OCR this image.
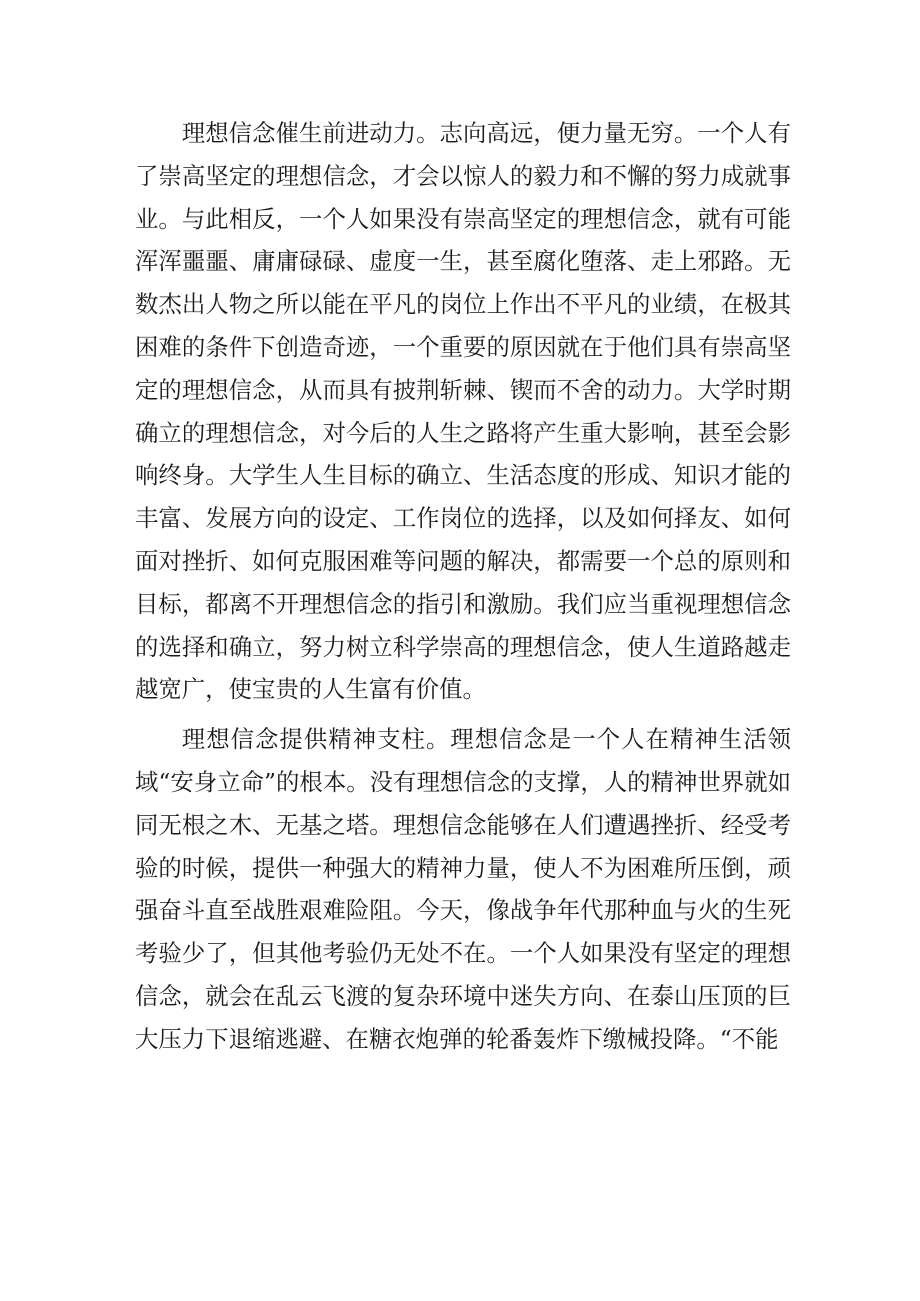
理想信念催生前进动力。志向高远，便力量无穷。一个人有了崇高坚定的理想信念，才会以惊人的毅力和不懈的努力成就事业。与此相反，一个人如果没有崇高坚定的理想信念，就有可能浑浑噩噩、庸庸碌碌、虚度一生，甚至腐化堕落、走上邪路。无数杰出人物之所以能在平凡的岗位上作出不平凡的业绩，在极其困难的条件下创造奇迹，一个重要的原因就在于他们具有崇高坚定的理想信念，从而具有披荆斩棘、锲而不舍的动力。大学时期确立的理想信念，对今后的人生之路将产生重大影响，甚至会影响终身。大学生人生目标的确立、生活态度的形成、知识才能的丰富、发展方向的设定、工作岗位的选择，以及如何择友、如何面对挫折、如何克服困难等问题的解决，都需要一个总的原则和目标，都离不开理想信念的指引和激励。我们应当重视理想信念的选择和确立，努力树立科学崇高的理想信念，使人生道路越走越宽广，使宝贵的人生富有价值。

理想信念提供精神支柱。理想信念是一个人在精神生活领域“安身立命”的根本。没有理想信念的支撑，人的精神世界就如同无根之木、无基之塔。理想信念能够在人们遭遇挫折、经受考验的时候，提供一种强大的精神力量，使人不为困难所压倒，顽强奋斗直至战胜艰难险阻。今天，像战争年代那种血与火的生死考验少了，但其他考验仍无处不在。一个人如果没有坚定的理想信念，就会在乱云飞渡的复杂环境中迷失方向、在泰山压顶的巨大压力下退缩逃避、在糖衣炮弹的轮番轰炸下缴械投降。“不能
